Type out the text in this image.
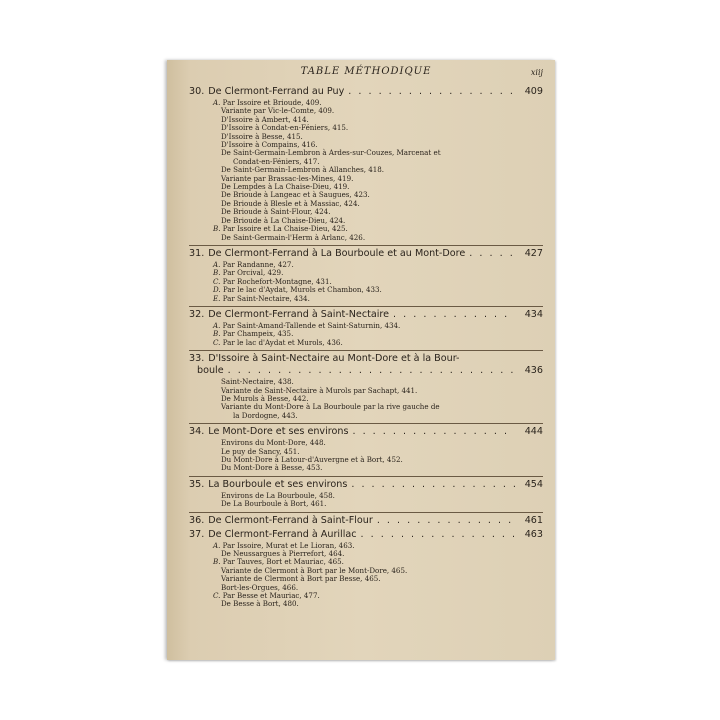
TABLE MÉTHODIQUE	xiij
30. De Clermont-Ferrand au Puy . . .	409
A. Par Issoire et Brioude, 409.
Variante par Vic-le-Comte, 409.
D'Issoire à Ambert, 414.
D'Issoire à Condat-en-Féniers, 415.
D'Issoire à Besse, 415.
D'Issoire à Compains, 416.
De Saint-Germain-Lembron à Ardes-sur-Couzes, Marcenat et
Condat-en-Féniers, 417.
De Saint-Germain-Lembron à Allanches, 418.
Variante par Brassac-les-Mines, 419.
De Lempdes à La Chaise-Dieu, 419.
De Brioude à Langeac et à Saugues, 423.
De Brioude à Blesle et à Massiac, 424.
De Brioude à Saint-Flour, 424.
De Brioude à La Chaise-Dieu, 424.
B. Par Issoire et La Chaise-Dieu, 425.
De Saint-Germain-l'Herm à Arlanc, 426.
31. De Clermont-Ferrand à La Bourboule et au Mont-Dore . . .	427
A. Par Randanne, 427.
B. Par Orcival, 429.
C. Par Rochefort-Montagne, 431.
D. Par le lac d'Aydat, Murols et Chambon, 433.
E. Par Saint-Nectaire, 434.
32. De Clermont-Ferrand à Saint-Nectaire . . .	434
A. Par Saint-Amand-Tallende et Saint-Saturnin, 434.
B. Par Champeix, 435.
C. Par le lac d'Aydat et Murols, 436.
33. D'Issoire à Saint-Nectaire au Mont-Dore et à la Bour-
boule . . .	436
Saint-Nectaire, 438.
Variante de Saint-Nectaire à Murols par Sachapt, 441.
De Murols à Besse, 442.
Variante du Mont-Dore à La Bourboule par la rive gauche de
la Dordogne, 443.
34. Le Mont-Dore et ses environs . . .	444
Environs du Mont-Dore, 448.
Le puy de Sancy, 451.
Du Mont-Dore à Latour-d'Auvergne et à Bort, 452.
Du Mont-Dore à Besse, 453.
35. La Bourboule et ses environs . . .	454
Environs de La Bourboule, 458.
De La Bourboule à Bort, 461.
36. De Clermont-Ferrand à Saint-Flour . . .	461
37. De Clermont-Ferrand à Aurillac . . .	463
A. Par Issoire, Murat et Le Lioran, 463.
De Neussargues à Pierrefort, 464.
B. Par Tauves, Bort et Mauriac, 465.
Variante de Clermont à Bort par le Mont-Dore, 465.
Variante de Clermont à Bort par Besse, 465.
Bort-les-Orgues, 466.
C. Par Besse et Mauriac, 477.
De Besse à Bort, 480.
